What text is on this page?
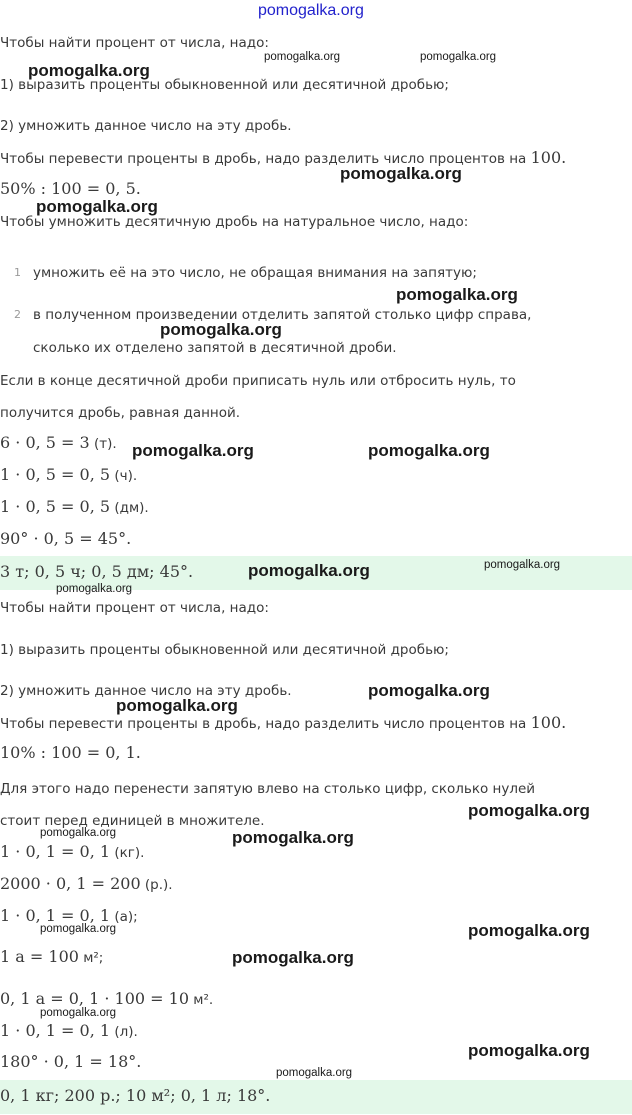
pomogalka.org
Чтобы найти процент от числа, надо:
1) выразить проценты обыкновенной или десятичной дробью;
2) умножить данное число на эту дробь.
Чтобы перевести проценты в дробь, надо разделить число процентов на 100.
50% : 100 = 0, 5.
Чтобы умножить десятичную дробь на натуральное число, надо:
1 умножить её на это число, не обращая внимания на запятую;
2 в полученном произведении отделить запятой столько цифр справа,
сколько их отделено запятой в десятичной дроби.
Если в конце десятичной дроби приписать нуль или отбросить нуль, то
получится дробь, равная данной.
6 · 0, 5 = 3 (т).
1 · 0, 5 = 0, 5 (ч).
1 · 0, 5 = 0, 5 (дм).
90° · 0, 5 = 45°.
3 т; 0, 5 ч; 0, 5 дм; 45°.
Чтобы найти процент от числа, надо:
1) выразить проценты обыкновенной или десятичной дробью;
2) умножить данное число на эту дробь.
Чтобы перевести проценты в дробь, надо разделить число процентов на 100.
10% : 100 = 0, 1.
Для этого надо перенести запятую влево на столько цифр, сколько нулей
стоит перед единицей в множителе.
1 · 0, 1 = 0, 1 (кг).
2000 · 0, 1 = 200 (р.).
1 · 0, 1 = 0, 1 (а);
1 а = 100 м²;
0, 1 а = 0, 1 · 100 = 10 м².
1 · 0, 1 = 0, 1 (л).
180° · 0, 1 = 18°.
0, 1 кг; 200 р.; 10 м²; 0, 1 л; 18°.
pomogalka.org
pomogalka.org	pomogalka.org
pomogalka.org
pomogalka.org
pomogalka.org
pomogalka.org
pomogalka.org	pomogalka.org
pomogalka.org	pomogalka.org
pomogalka.org
pomogalka.org
pomogalka.org
pomogalka.org
pomogalka.org	pomogalka.org
pomogalka.org
pomogalka.org
pomogalka.org
pomogalka.org
pomogalka.org
pomogalka.org
